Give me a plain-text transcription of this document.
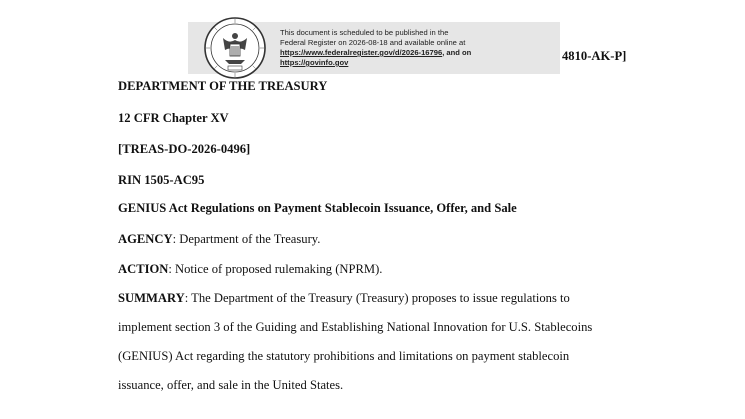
This document is scheduled to be published in the
Federal Register on 2026-08-18 and available online at
https://www.federalregister.gov/d/2026-16796, and on
https://govinfo.gov	4810-AK-P]
DEPARTMENT OF THE TREASURY
12 CFR Chapter XV
[TREAS-DO-2026-0496]
RIN 1505-AC95
GENIUS Act Regulations on Payment Stablecoin Issuance, Offer, and Sale
AGENCY: Department of the Treasury.
ACTION: Notice of proposed rulemaking (NPRM).
SUMMARY: The Department of the Treasury (Treasury) proposes to issue regulations to
implement section 3 of the Guiding and Establishing National Innovation for U.S. Stablecoins
(GENIUS) Act regarding the statutory prohibitions and limitations on payment stablecoin
issuance, offer, and sale in the United States.
